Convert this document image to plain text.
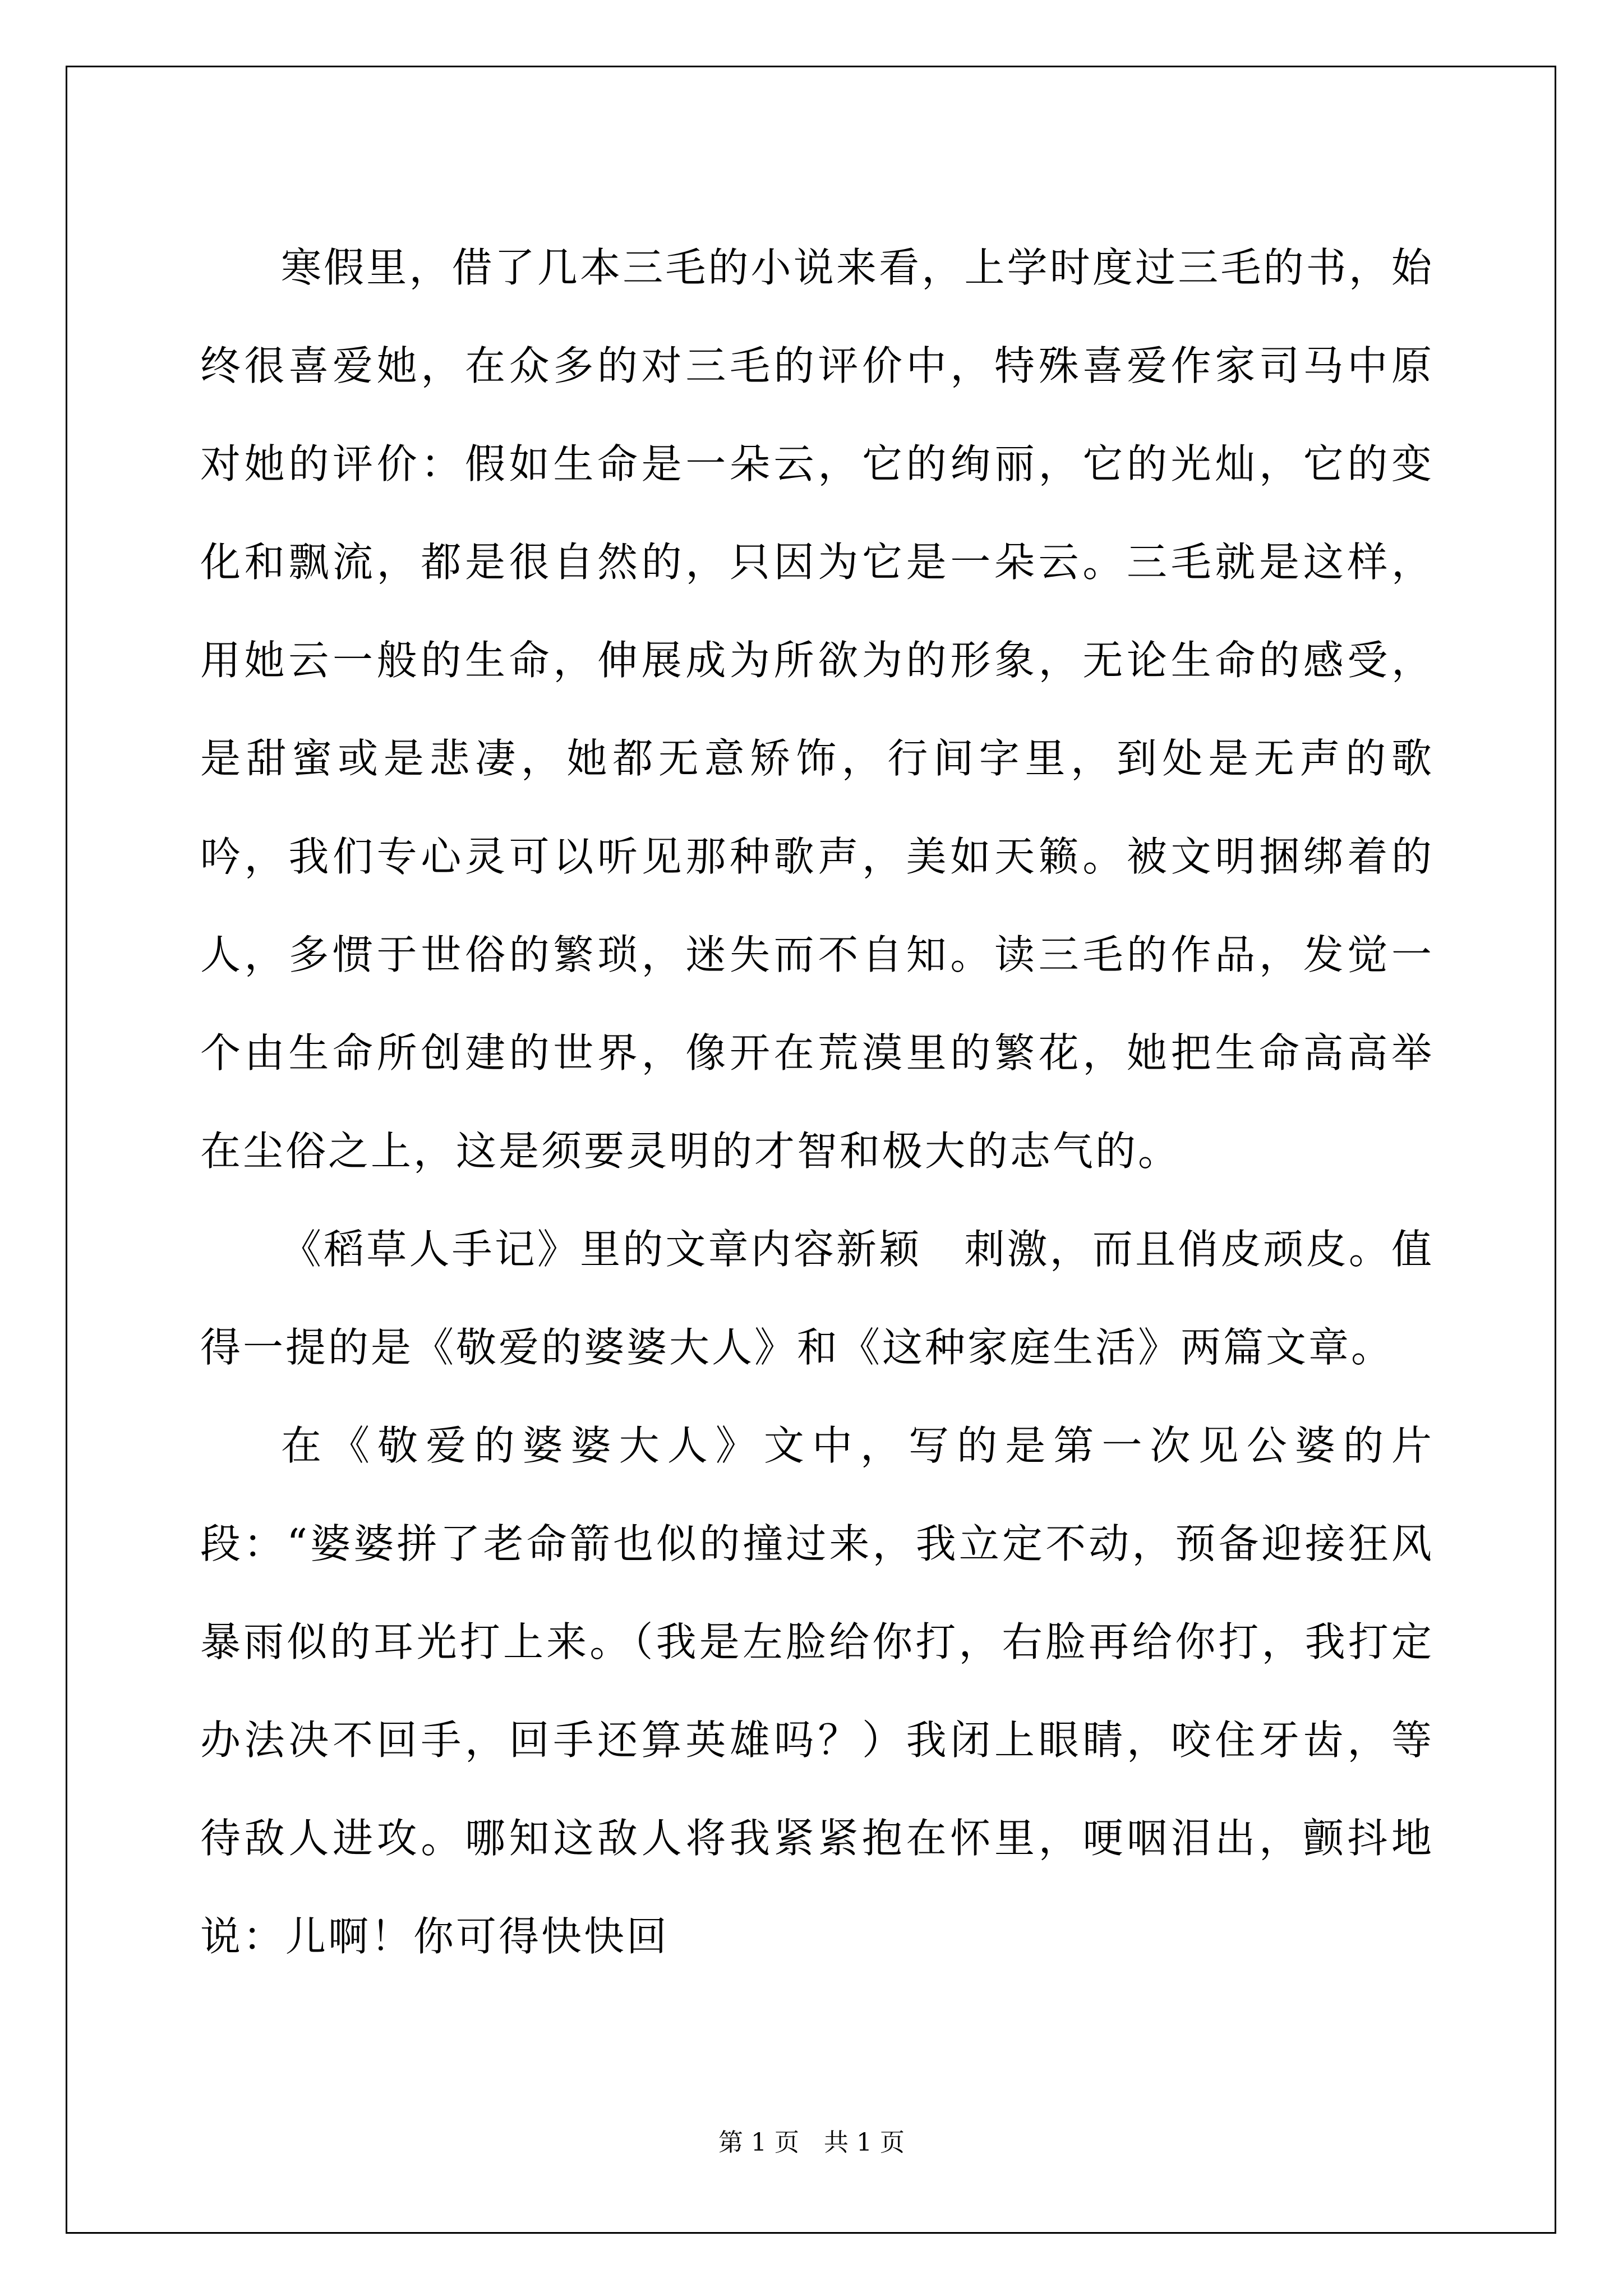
寒假里，借了几本三毛的小说来看，上学时度过三毛的书，始终很喜爱她，在众多的对三毛的评价中，特殊喜爱作家司马中原对她的评价：假如生命是一朵云，它的绚丽，它的光灿，它的变化和飘流，都是很自然的，只因为它是一朵云。三毛就是这样，用她云一般的生命，伸展成为所欲为的形象，无论生命的感受，是甜蜜或是悲凄，她都无意矫饰，行间字里，到处是无声的歌吟，我们专心灵可以听见那种歌声，美如天籁。被文明捆绑着的人，多惯于世俗的繁琐，迷失而不自知。读三毛的作品，发觉一个由生命所创建的世界，像开在荒漠里的繁花，她把生命高高举在尘俗之上，这是须要灵明的才智和极大的志气的。

《稻草人手记》里的文章内容新颖　刺激，而且俏皮顽皮。值得一提的是《敬爱的婆婆大人》和《这种家庭生活》两篇文章。

在《敬爱的婆婆大人》文中，写的是第一次见公婆的片段：“婆婆拼了老命箭也似的撞过来，我立定不动，预备迎接狂风暴雨似的耳光打上来。（我是左脸给你打，右脸再给你打，我打定办法决不回手，回手还算英雄吗？）我闭上眼睛，咬住牙齿，等待敌人进攻。哪知这敌人将我紧紧抱在怀里，哽咽泪出，颤抖地说：儿啊！你可得快快回

第 1 页　共 1 页
